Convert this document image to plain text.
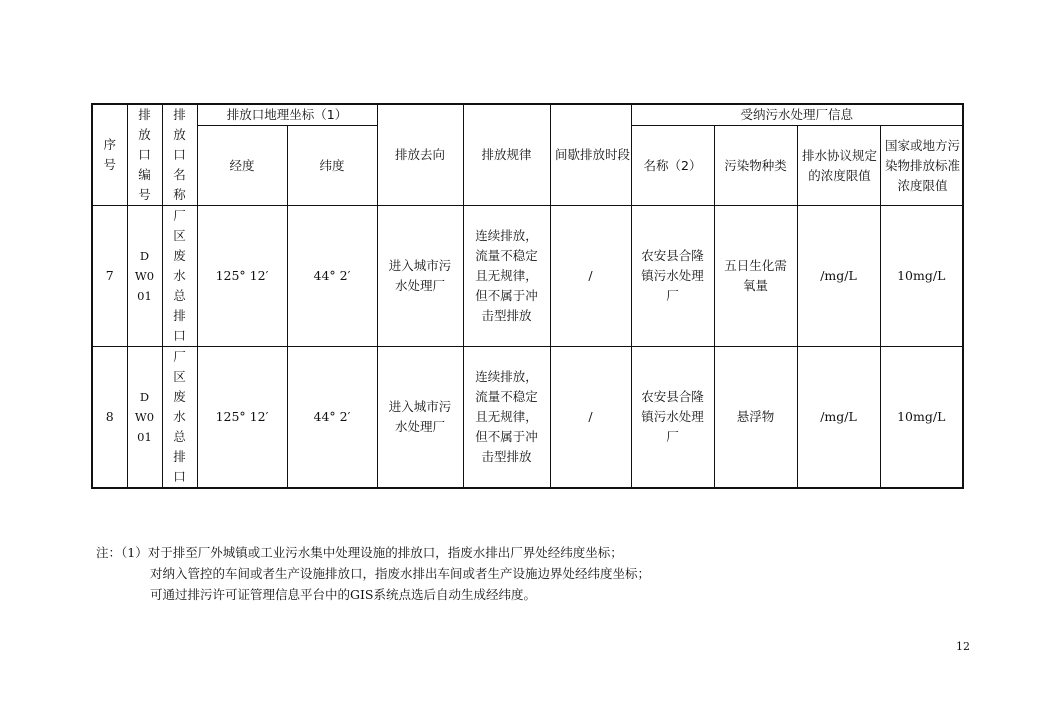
序号	排放口编号	排放口名称	排放口地理坐标（1）		排放去向	排放规律	间歇排放时段	受纳污水处理厂信息			
			经度	纬度				名称（2）	污染物种类	排水协议规定的浓度限值	国家或地方污染物排放标准浓度限值
7	DW001	厂区废水总排口	125° 12′	44° 2′	进入城市污水处理厂	连续排放，流量不稳定且无规律，但不属于冲击型排放	/	农安县合隆镇污水处理厂	五日生化需氧量	/mg/L	10mg/L
8	DW001	厂区废水总排口	125° 12′	44° 2′	进入城市污水处理厂	连续排放，流量不稳定且无规律，但不属于冲击型排放	/	农安县合隆镇污水处理厂	悬浮物	/mg/L	10mg/L
注：（1）对于排至厂外城镇或工业污水集中处理设施的排放口，指废水排出厂界处经纬度坐标；
对纳入管控的车间或者生产设施排放口，指废水排出车间或者生产设施边界处经纬度坐标；
可通过排污许可证管理信息平台中的GIS系统点选后自动生成经纬度。
12
